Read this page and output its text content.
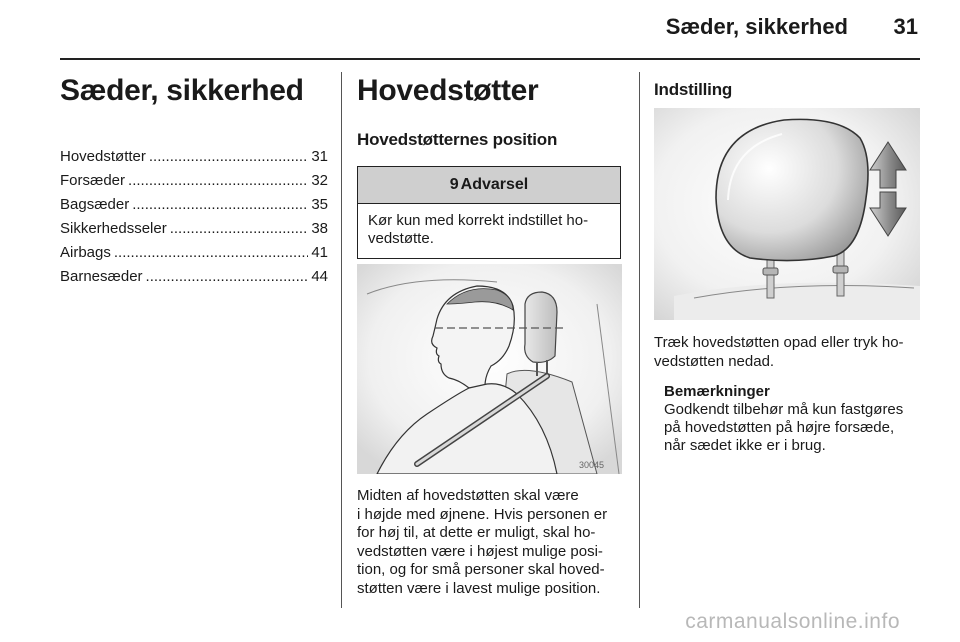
Sæder, sikkerhed 31
Sæder, sikkerhed
Hovedstøtter .....	31
Forsæder .....	32
Bagsæder .....	35
Sikkerhedsseler .....	38
Airbags .....	41
Barnesæder .....	44
Hovedstøtter
Hovedstøtternes position
9 Advarsel
Kør kun med korrekt indstillet ho-
vedstøtte.
30045

Midten af hovedstøtten skal være
i højde med øjnene. Hvis personen er
for høj til, at dette er muligt, skal ho-
vedstøtten være i højest mulige posi-
tion, og for små personer skal hoved-
støtten være i lavest mulige position.

Indstilling

Træk hovedstøtten opad eller tryk ho-
vedstøtten nedad.

Bemærkninger
Godkendt tilbehør må kun fastgøres
på hovedstøtten på højre forsæde,
når sædet ikke er i brug.
carmanualsonline.info
